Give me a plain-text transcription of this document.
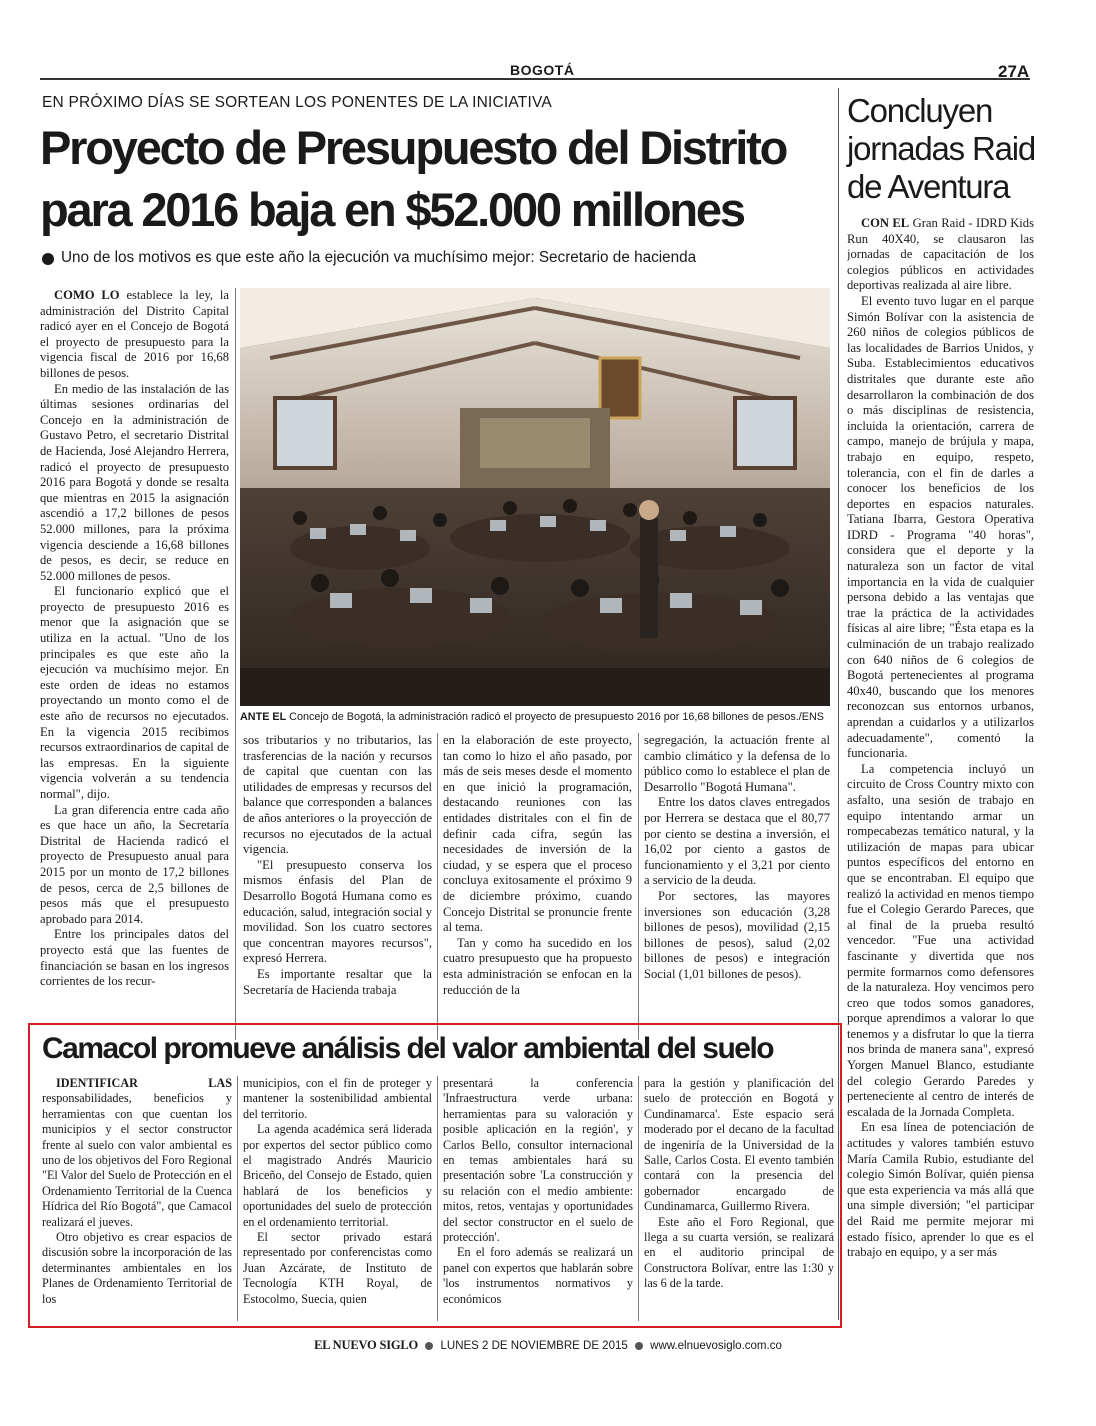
BOGOTÁ	27A
EN PRÓXIMO DÍAS SE SORTEAN LOS PONENTES DE LA INICIATIVA
Proyecto de Presupuesto del Distrito
para 2016 baja en $52.000 millones
Uno de los motivos es que este año la ejecución va muchísimo mejor: Secretario de hacienda

COMO LO establece la ley, la administración del Distrito Capital radicó ayer en el Concejo de Bogotá el proyecto de presupuesto para la vigencia fiscal de 2016 por 16,68 billones de pesos.

En medio de las instalación de las últimas sesiones ordinarias del Concejo en la administración de Gustavo Petro, el secretario Distrital de Hacienda, José Alejandro Herrera, radicó el proyecto de presupuesto 2016 para Bogotá y donde se resalta que mientras en 2015 la asignación ascendió a 17,2 billones de pesos 52.000 millones, para la próxima vigencia desciende a 16,68 billones de pesos, es decir, se reduce en 52.000 millones de pesos.

El funcionario explicó que el proyecto de presupuesto 2016 es menor que la asignación que se utiliza en la actual. "Uno de los principales es que este año la ejecución va muchísimo mejor. En este orden de ideas no estamos proyectando un monto como el de este año de recursos no ejecutados. En la vigencia 2015 recibimos recursos extraordinarios de capital de las empresas. En la siguiente vigencia volverán a su tendencia normal", dijo.

La gran diferencia entre cada año es que hace un año, la Secretaría Distrital de Hacienda radicó el proyecto de Presupuesto anual para 2015 por un monto de 17,2 billones de pesos, cerca de 2,5 billones de pesos más que el presupuesto aprobado para 2014.

Entre los principales datos del proyecto está que las fuentes de financiación se basan en los ingresos corrientes de los recur-

ANTE EL Concejo de Bogotá, la administración radicó el proyecto de presupuesto 2016 por 16,68 billones de pesos./ENS

sos tributarios y no tributarios, las trasferencias de la nación y recursos de capital que cuentan con las utilidades de empresas y recursos del balance que corresponden a balances de años anteriores o la proyección de recursos no ejecutados de la actual vigencia.

"El presupuesto conserva los mismos énfasis del Plan de Desarrollo Bogotá Humana como es educación, salud, integración social y movilidad. Son los cuatro sectores que concentran mayores recursos", expresó Herrera.

Es importante resaltar que la Secretaría de Hacienda trabaja

en la elaboración de este proyecto, tan como lo hizo el año pasado, por más de seis meses desde el momento en que inició la programación, destacando reuniones con las entidades distritales con el fin de definir cada cifra, según las necesidades de inversión de la ciudad, y se espera que el proceso concluya exitosamente el próximo 9 de diciembre próximo, cuando Concejo Distrital se pronuncie frente al tema.

Tan y como ha sucedido en los cuatro presupuesto que ha propuesto esta administración se enfocan en la reducción de la

segregación, la actuación frente al cambio climático y la defensa de lo público como lo establece el plan de Desarrollo "Bogotá Humana".

Entre los datos claves entregados por Herrera se destaca que el 80,77 por ciento se destina a inversión, el 16,02 por ciento a gastos de funcionamiento y el 3,21 por ciento a servicio de la deuda.

Por sectores, las mayores inversiones son educación (3,28 billones de pesos), movilidad (2,15 billones de pesos), salud (2,02 billones de pesos) e integración Social (1,01 billones de pesos).

Concluyen
jornadas Raid
de Aventura

CON EL Gran Raid - IDRD Kids Run 40X40, se clausaron las jornadas de capacitación de los colegios públicos en actividades deportivas realizada al aire libre.

El evento tuvo lugar en el parque Simón Bolívar con la asistencia de 260 niños de colegios públicos de las localidades de Barrios Unidos, y Suba. Establecimientos educativos distritales que durante este año desarrollaron la combinación de dos o más disciplinas de resistencia, incluida la orientación, carrera de campo, manejo de brújula y mapa, trabajo en equipo, respeto, tolerancia, con el fin de darles a conocer los beneficios de los deportes en espacios naturales. Tatiana Ibarra, Gestora Operativa IDRD - Programa "40 horas", considera que el deporte y la naturaleza son un factor de vital importancia en la vida de cualquier persona debido a las ventajas que trae la práctica de la actividades físicas al aire libre; "Ésta etapa es la culminación de un trabajo realizado con 640 niños de 6 colegios de Bogotá pertenecientes al programa 40x40, buscando que los menores reconozcan sus entornos urbanos, aprendan a cuidarlos y a utilizarlos adecuadamente", comentó la funcionaria.

La competencia incluyó un circuito de Cross Country mixto con asfalto, una sesión de trabajo en equipo intentando armar un rompecabezas temático natural, y la utilización de mapas para ubicar puntos específicos del entorno en que se encontraban. El equipo que realizó la actividad en menos tiempo fue el Colegio Gerardo Pareces, que al final de la prueba resultó vencedor. "Fue una actividad fascinante y divertida que nos permite formarnos como defensores de la naturaleza. Hoy vencimos pero creo que todos somos ganadores, porque aprendimos a valorar lo que tenemos y a disfrutar lo que la tierra nos brinda de manera sana", expresó Yorgen Manuel Blanco, estudiante del colegio Gerardo Paredes y perteneciente al centro de interés de escalada de la Jornada Completa.

En esa línea de potenciación de actitudes y valores también estuvo María Camila Rubio, estudiante del colegio Simón Bolívar, quién piensa que esta experiencia va más allá que una simple diversión; "el participar del Raid me permite mejorar mi estado físico, aprender lo que es el trabajo en equipo, y a ser más

Camacol promueve análisis del valor ambiental del suelo

IDENTIFICAR LAS responsabilidades, beneficios y herramientas con que cuentan los municipios y el sector constructor frente al suelo con valor ambiental es uno de los objetivos del Foro Regional "El Valor del Suelo de Protección en el Ordenamiento Territorial de la Cuenca Hídrica del Río Bogotá", que Camacol realizará el jueves.

Otro objetivo es crear espacios de discusión sobre la incorporación de las determinantes ambientales en los Planes de Ordenamiento Territorial de los

municipios, con el fin de proteger y mantener la sostenibilidad ambiental del territorio.

La agenda académica será liderada por expertos del sector público como el magistrado Andrés Mauricio Briceño, del Consejo de Estado, quien hablará de los beneficios y oportunidades del suelo de protección en el ordenamiento territorial.

El sector privado estará representado por conferencistas como Juan Azcárate, de Instituto de Tecnología KTH Royal, de Estocolmo, Suecia, quien

presentará la conferencia 'Infraestructura verde urbana: herramientas para su valoración y posible aplicación en la región', y Carlos Bello, consultor internacional en temas ambientales hará su presentación sobre 'La construcción y su relación con el medio ambiente: mitos, retos, ventajas y oportunidades del sector constructor en el suelo de protección'.

En el foro además se realizará un panel con expertos que hablarán sobre 'los instrumentos normativos y económicos

para la gestión y planificación del suelo de protección en Bogotá y Cundinamarca'. Este espacio será moderado por el decano de la facultad de ingeniría de la Universidad de la Salle, Carlos Costa. El evento también contará con la presencia del gobernador encargado de Cundinamarca, Guillermo Rivera.

Este año el Foro Regional, que llega a su cuarta versión, se realizará en el auditorio principal de Constructora Bolívar, entre las 1:30 y las 6 de la tarde.

EL NUEVO SIGLO LUNES 2 DE NOVIEMBRE DE 2015 www.elnuevosiglo.com.co
